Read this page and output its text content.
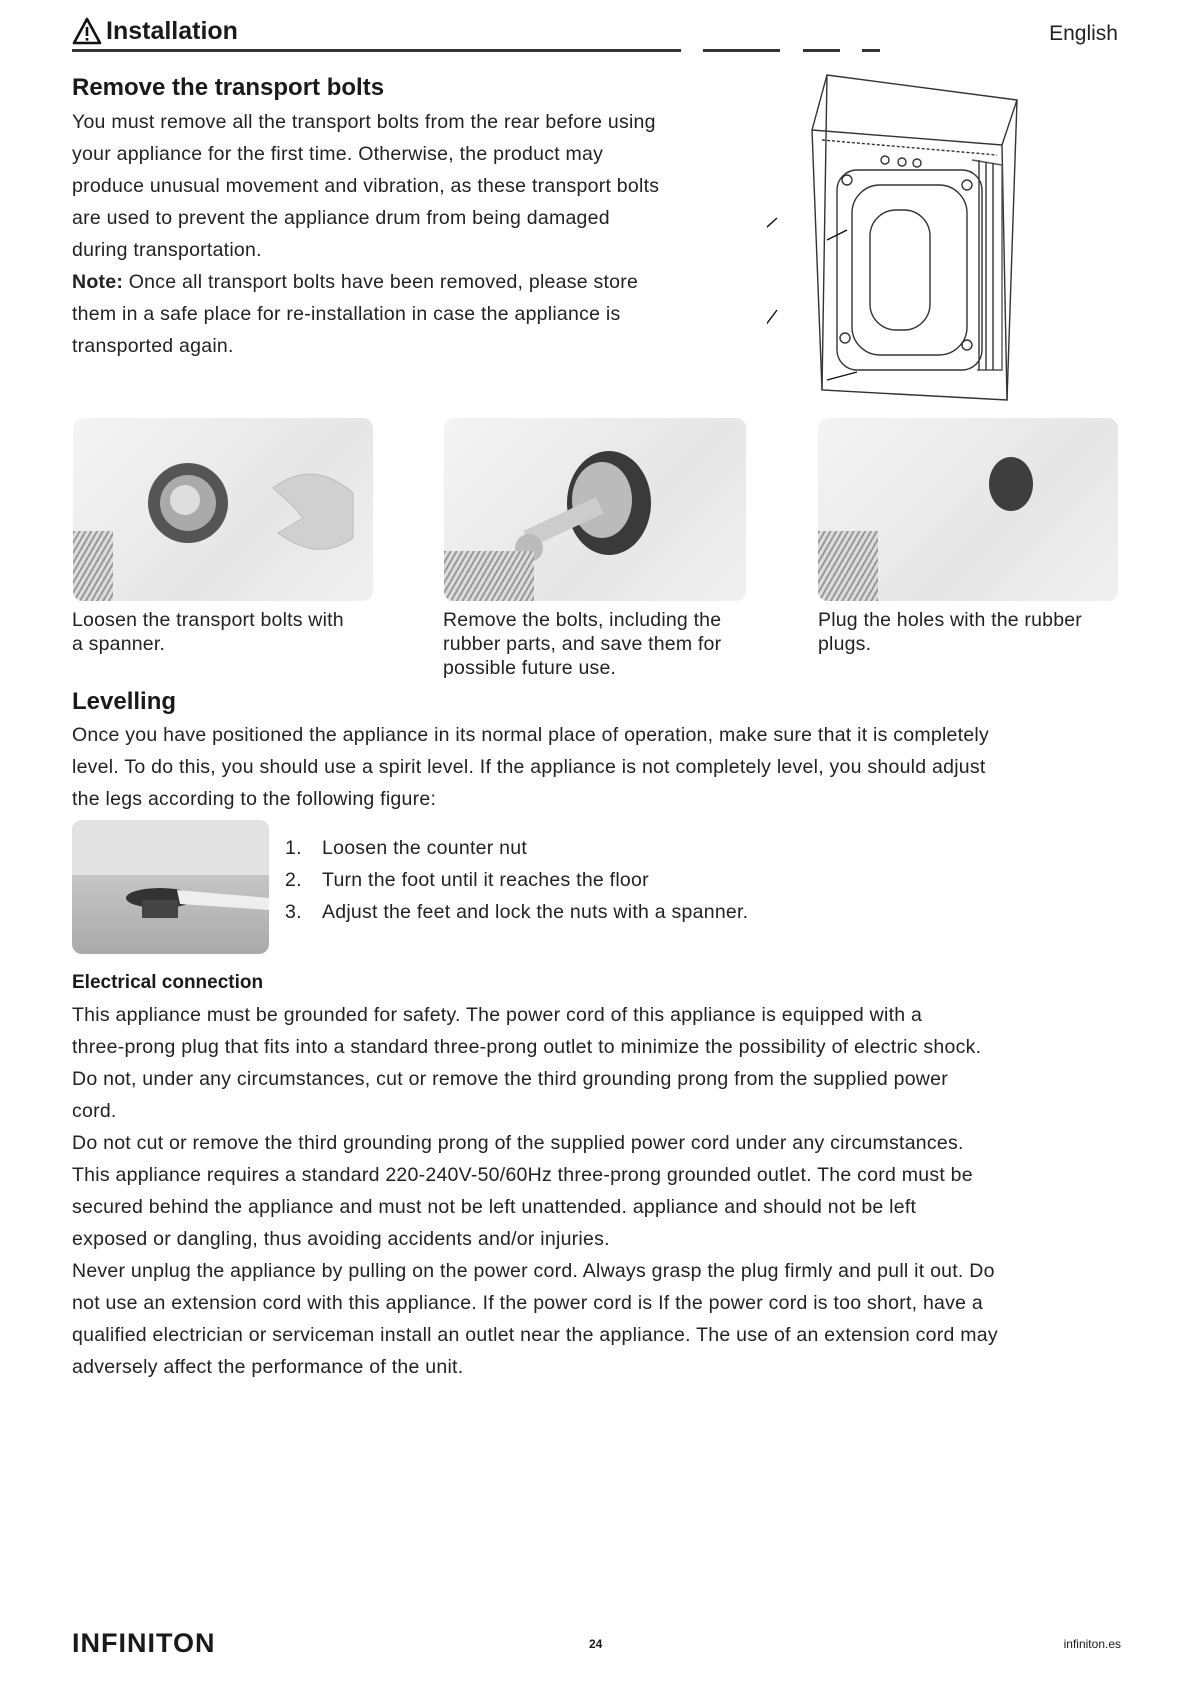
Installation	English
Remove the transport bolts
You must remove all the transport bolts from the rear before using
your appliance for the first time. Otherwise, the product may
produce unusual movement and vibration, as these transport bolts
are used to prevent the appliance drum from being damaged
during transportation.
Note: Once all transport bolts have been removed, please store
them in a safe place for re-installation in case the appliance is
transported again.
Loosen the transport bolts with
a spanner.
Remove the bolts, including the
rubber parts, and save them for
possible future use.
Plug the holes with the rubber
plugs.
Levelling
Once you have positioned the appliance in its normal place of operation, make sure that it is completely
level. To do this, you should use a spirit level. If the appliance is not completely level, you should adjust
the legs according to the following figure:
1. Loosen the counter nut
2. Turn the foot until it reaches the floor
3. Adjust the feet and lock the nuts with a spanner.
Electrical connection
This appliance must be grounded for safety. The power cord of this appliance is equipped with a
three-prong plug that fits into a standard three-prong outlet to minimize the possibility of electric shock.
Do not, under any circumstances, cut or remove the third grounding prong from the supplied power
cord.
Do not cut or remove the third grounding prong of the supplied power cord under any circumstances.
This appliance requires a standard 220-240V-50/60Hz three-prong grounded outlet. The cord must be
secured behind the appliance and must not be left unattended. appliance and should not be left
exposed or dangling, thus avoiding accidents and/or injuries.
Never unplug the appliance by pulling on the power cord. Always grasp the plug firmly and pull it out. Do
not use an extension cord with this appliance. If the power cord is If the power cord is too short, have a
qualified electrician or serviceman install an outlet near the appliance. The use of an extension cord may
adversely affect the performance of the unit.
INFINITON	24	infiniton.es
